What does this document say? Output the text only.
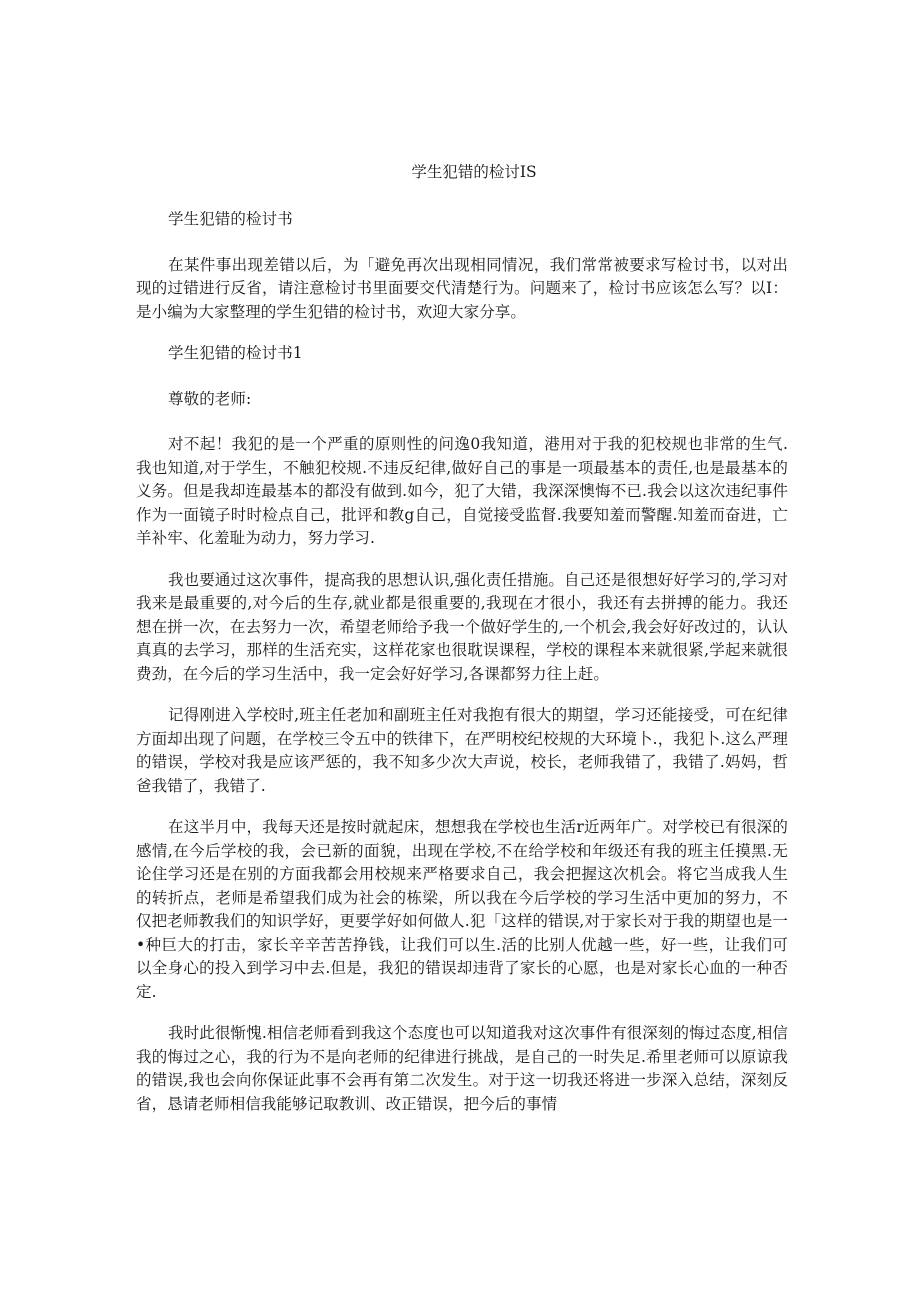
学生犯错的检讨IS

学生犯错的检讨书

在某件事出现差错以后，为「避免再次出现相同情况，我们常常被要求写检讨书，以对出现的过错进行反省，请注意检讨书里面要交代清楚行为。问题来了，检讨书应该怎么写？以I：是小编为大家整理的学生犯错的检讨书，欢迎大家分享。

学生犯错的检讨书1

尊敬的老师:

对不起！我犯的是一个严重的原则性的问逸0我知道，港用对于我的犯校规也非常的生气.我也知道,对于学生，不触犯校规.不违反纪律,做好自己的事是一项最基本的责任,也是最基本的义务。但是我却连最基本的都没有做到.如今，犯了大错，我深深懊悔不已.我会以这次违纪事件作为一面镜子时时检点自己，批评和教g自己，自觉接受监督.我要知羞而警醒.知羞而奋进，亡羊补牢、化羞耻为动力，努力学习.

我也要通过这次事件，提高我的思想认识,强化责任措施。自己还是很想好好学习的,学习对我来是最重要的,对今后的生存,就业都是很重要的,我现在才很小，我还有去拼搏的能力。我还想在拼一次，在去努力一次，希望老师给予我一个做好学生的,一个机会,我会好好改过的，认认真真的去学习，那样的生活充实，这样花家也很耽误课程，学校的课程本来就很紧,学起来就很费劲，在今后的学习生活中，我一定会好好学习,各课都努力往上赶。

记得刚进入学校时,班主任老加和副班主任对我抱有很大的期望，学习还能接受，可在纪律方面却出现了问题，在学校三令五中的铁律下，在严明校纪校规的大环境卜.，我犯卜.这么严理的错误，学校对我是应该严惩的，我不知多少次大声说，校长，老师我错了，我错了.妈妈，哲爸我错了，我错了.

在这半月中，我每天还是按时就起床，想想我在学校也生活r近两年广。对学校已有很深的感情,在今后学校的我，会已新的面貌，出现在学校,不在给学校和年级还有我的班主任摸黑.无论住学习还是在别的方面我都会用校规来严格要求自己，我会把握这次机会。将它当成我人生的转折点，老师是希望我们成为社会的栋梁，所以我在今后学校的学习生活中更加的努力，不仅把老师教我们的知识学好，更要学好如何做人.犯「这样的错误,对于家长对于我的期望也是一•种巨大的打击，家长辛辛苦苦挣钱，让我们可以生.活的比别人优越一些，好一些，让我们可以全身心的投入到学习中去.但是，我犯的错误却违背了家长的心愿，也是对家长心血的一种否定.

我时此很惭愧.相信老师看到我这个态度也可以知道我对这次事件有很深刻的悔过态度,相信我的悔过之心，我的行为不是向老师的纪律进行挑战，是自己的一时失足.希里老师可以原谅我的错误,我也会向你保证此事不会再有第二次发生。对于这一切我还将进一步深入总结，深刻反省，恳请老师相信我能够记取教训、改正错误，把今后的事情
